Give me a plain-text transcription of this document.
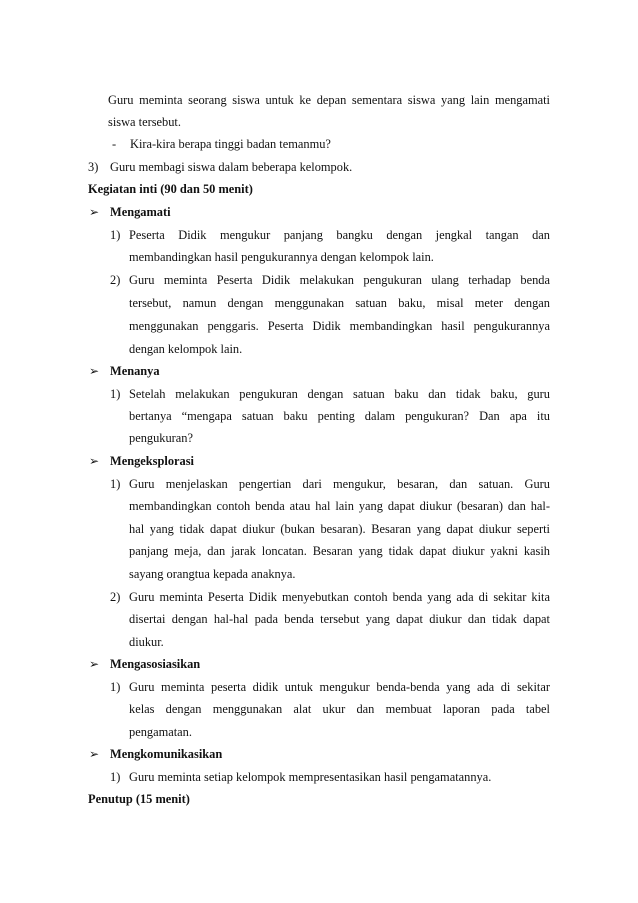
Guru meminta seorang siswa untuk ke depan sementara siswa yang lain mengamati
siswa tersebut.
- Kira-kira berapa tinggi badan temanmu?
3) Guru membagi siswa dalam beberapa kelompok.
Kegiatan inti (90 dan 50 menit)
➢ Mengamati
1) Peserta Didik mengukur panjang bangku dengan jengkal tangan dan
membandingkan hasil pengukurannya dengan kelompok lain.
2) Guru meminta Peserta Didik melakukan pengukuran ulang terhadap benda
tersebut, namun dengan menggunakan satuan baku, misal meter dengan
menggunakan penggaris. Peserta Didik membandingkan hasil pengukurannya
dengan kelompok lain.
➢ Menanya
1) Setelah melakukan pengukuran dengan satuan baku dan tidak baku, guru
bertanya “mengapa satuan baku penting dalam pengukuran? Dan apa itu
pengukuran?
➢ Mengeksplorasi
1) Guru menjelaskan pengertian dari mengukur, besaran, dan satuan. Guru
membandingkan contoh benda atau hal lain yang dapat diukur (besaran) dan hal-
hal yang tidak dapat diukur (bukan besaran). Besaran yang dapat diukur seperti
panjang meja, dan jarak loncatan. Besaran yang tidak dapat diukur yakni kasih
sayang orangtua kepada anaknya.
2) Guru meminta Peserta Didik menyebutkan contoh benda yang ada di sekitar kita
disertai dengan hal-hal pada benda tersebut yang dapat diukur dan tidak dapat
diukur.
➢ Mengasosiasikan
1) Guru meminta peserta didik untuk mengukur benda-benda yang ada di sekitar
kelas dengan menggunakan alat ukur dan membuat laporan pada tabel
pengamatan.
➢ Mengkomunikasikan
1) Guru meminta setiap kelompok mempresentasikan hasil pengamatannya.
Penutup (15 menit)
